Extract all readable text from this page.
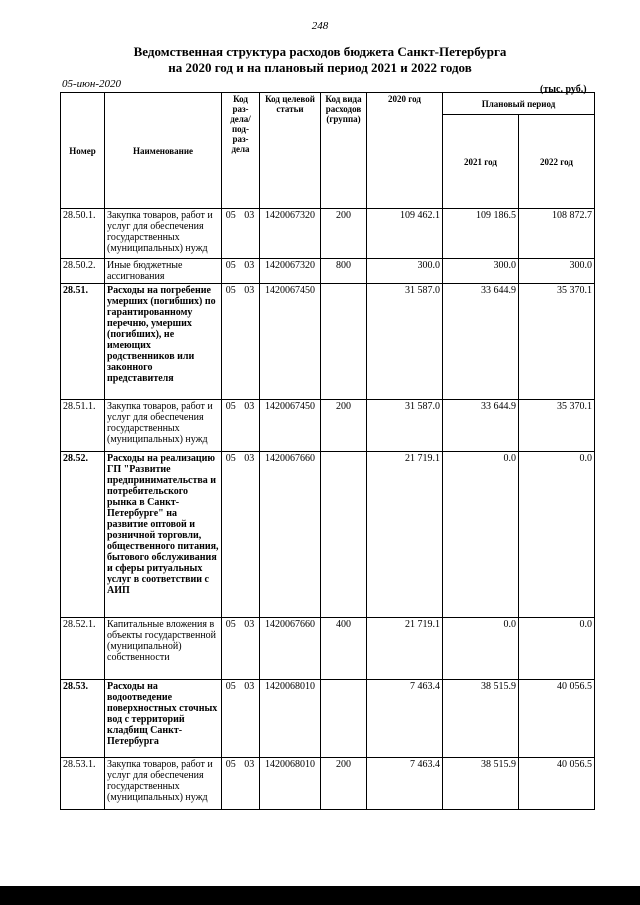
248
Ведомственная структура расходов бюджета Санкт-Петербурга
на 2020 год и на плановый период 2021 и 2022 годов
05-июн-2020	(тыс. руб.)
Номер	Наименование	Код раз-дела/ под-раз-дела		Код целевой статьи	Код вида расходов (группа)	2020 год	Плановый период	
							2021 год	2022 год
28.50.1.	Закупка товаров, работ и услуг для обеспечения государственных (муниципальных) нужд	05	03	1420067320	200	109 462.1	109 186.5	108 872.7
28.50.2.	Иные бюджетные ассигнования	05	03	1420067320	800	300.0	300.0	300.0
28.51.	Расходы на погребение умерших (погибших) по гарантированному перечню, умерших (погибших), не имеющих родственников или законного представителя	05	03	1420067450		31 587.0	33 644.9	35 370.1
28.51.1.	Закупка товаров, работ и услуг для обеспечения государственных (муниципальных) нужд	05	03	1420067450	200	31 587.0	33 644.9	35 370.1
28.52.	Расходы на реализацию ГП "Развитие предпринимательства и потребительского рынка в Санкт-Петербурге" на развитие оптовой и розничной торговли, общественного питания, бытового обслуживания и сферы ритуальных услуг в соответствии с АИП	05	03	1420067660		21 719.1	0.0	0.0
28.52.1.	Капитальные вложения в объекты государственной (муниципальной) собственности	05	03	1420067660	400	21 719.1	0.0	0.0
28.53.	Расходы на водоотведение поверхностных сточных вод с территорий кладбищ Санкт-Петербурга	05	03	1420068010		7 463.4	38 515.9	40 056.5
28.53.1.	Закупка товаров, работ и услуг для обеспечения государственных (муниципальных) нужд	05	03	1420068010	200	7 463.4	38 515.9	40 056.5
